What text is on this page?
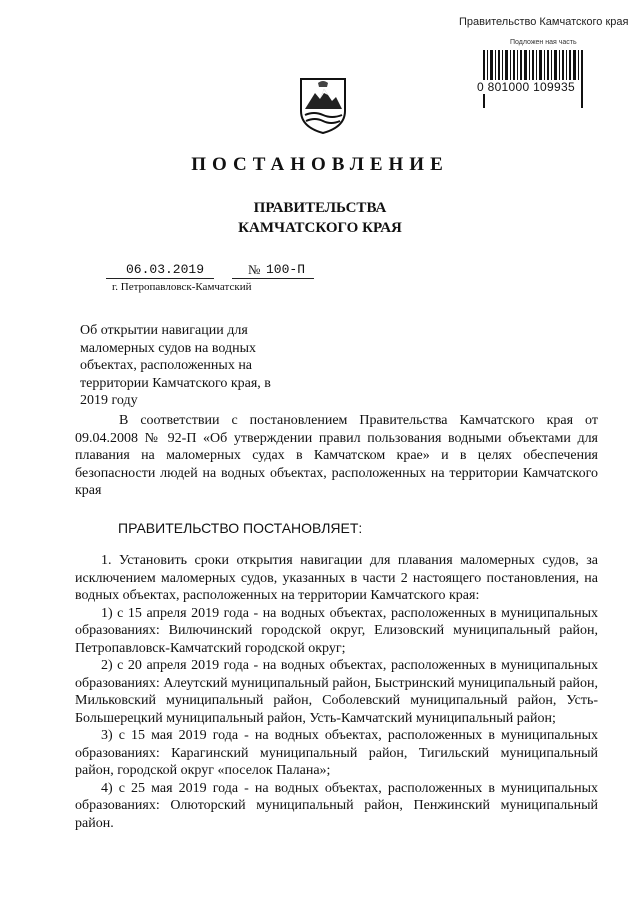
Правительство Камчатского края
Подложен ная часть
0 801000 109935
ПОСТАНОВЛЕНИЕ
ПРАВИТЕЛЬСТВА
КАМЧАТСКОГО КРАЯ
06.03.2019	№ 100-П
г. Петропавловск-Камчатский
Об открытии навигации для маломерных судов на водных объектах, расположенных на территории Камчатского края, в 2019 году

В соответствии с постановлением Правительства Камчатского края от 09.04.2008 № 92-П «Об утверждении правил пользования водными объектами для плавания на маломерных судах в Камчатском крае» и в целях обеспечения безопасности людей на водных объектах, расположенных на территории Камчатского края

ПРАВИТЕЛЬСТВО ПОСТАНОВЛЯЕТ:

1. Установить сроки открытия навигации для плавания маломерных судов, за исключением маломерных судов, указанных в части 2 настоящего постановления, на водных объектах, расположенных на территории Камчатского края:

1) с 15 апреля 2019 года - на водных объектах, расположенных в муниципальных образованиях: Вилючинский городской округ, Елизовский муниципальный район, Петропавловск-Камчатский городской округ;

2) с 20 апреля 2019 года - на водных объектах, расположенных в муниципальных образованиях: Алеутский муниципальный район, Быстринский муниципальный район, Мильковский муниципальный район, Соболевский муниципальный район, Усть-Большерецкий муниципальный район, Усть-Камчатский муниципальный район;

3) с 15 мая 2019 года - на водных объектах, расположенных в муниципальных образованиях: Карагинский муниципальный район, Тигильский муниципальный район, городской округ «поселок Палана»;

4) с 25 мая 2019 года - на водных объектах, расположенных в муниципальных образованиях: Олюторский муниципальный район, Пенжинский муниципальный район.
